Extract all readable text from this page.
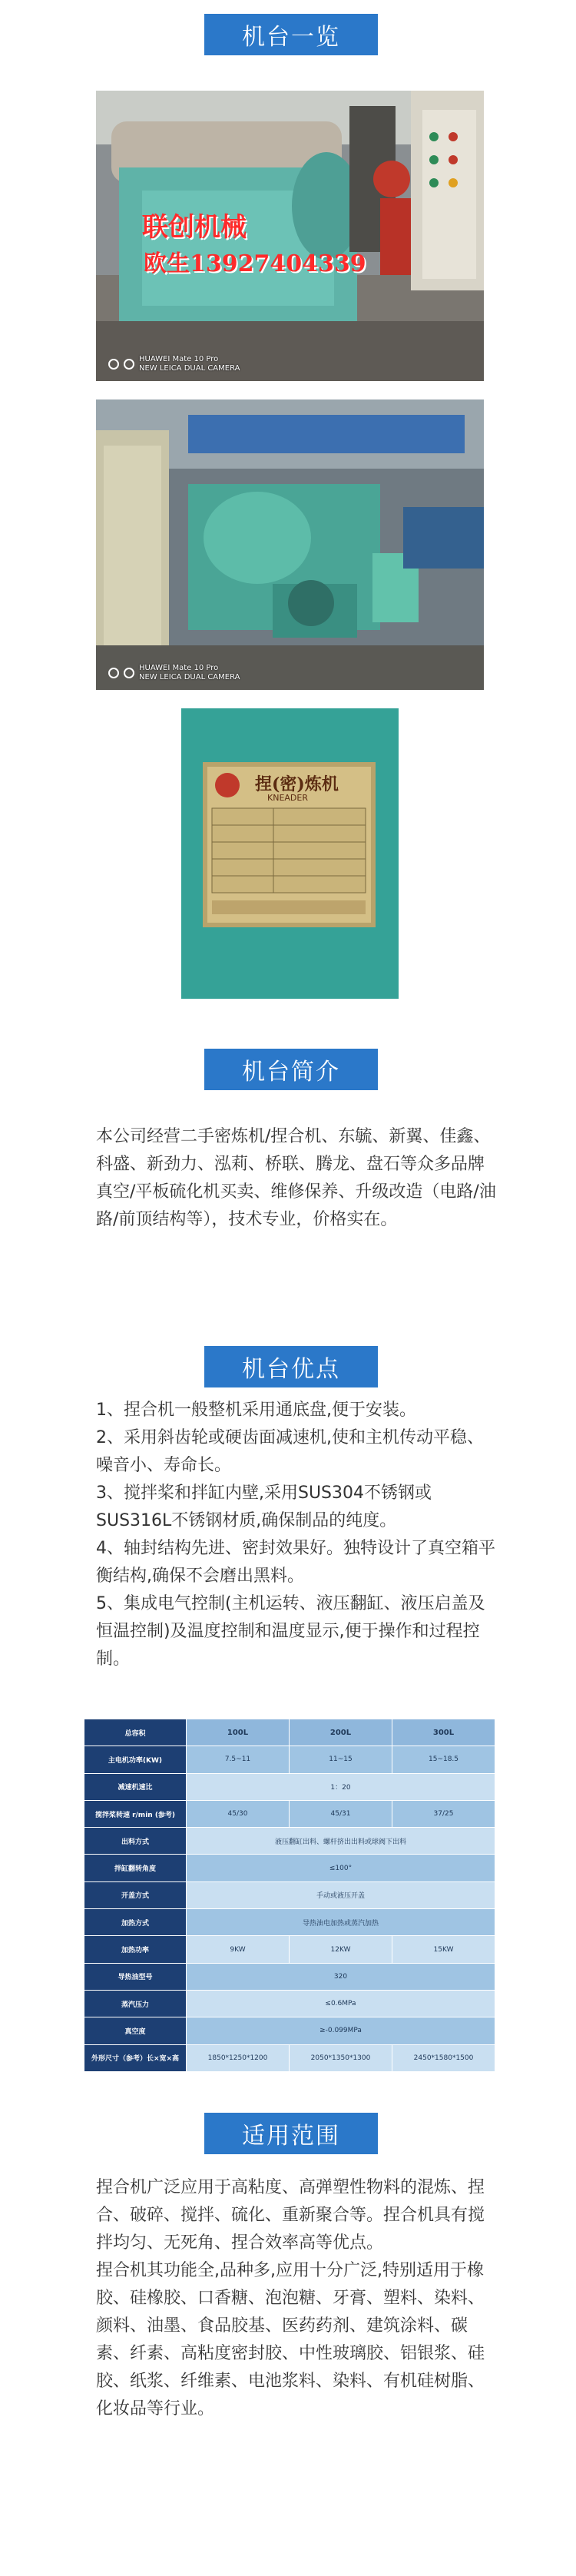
机台一览
联创机械
欧生13927404339
HUAWEI Mate 10 Pro
NEW LEICA DUAL CAMERA
HUAWEI Mate 10 Pro
NEW LEICA DUAL CAMERA
捏(密)炼机
KNEADER
机台简介
本公司经营二手密炼机/捏合机、东毓、新翼、佳鑫、科盛、新劲力、泓莉、桥联、腾龙、盘石等众多品牌真空/平板硫化机买卖、维修保养、升级改造（电路/油路/前顶结构等），技术专业，价格实在。
机台优点
1、捏合机一般整机采用通底盘,便于安装。
2、采用斜齿轮或硬齿面减速机,使和主机传动平稳、噪音小、寿命长。
3、搅拌桨和拌缸内壁,采用SUS304不锈钢或SUS316L不锈钢材质,确保制品的纯度。
4、轴封结构先进、密封效果好。独特设计了真空箱平衡结构,确保不会磨出黑料。
5、集成电气控制(主机运转、液压翻缸、液压启盖及恒温控制)及温度控制和温度显示,便于操作和过程控制。
总容积	100L	200L	300L
主电机功率(KW)	7.5~11	11~15	15~18.5
减速机速比	1：20		
搅拌桨转速 r/min (参考)	45/30	45/31	37/25
出料方式	液压翻缸出料、螺杆挤出出料或球阀下出料		
拌缸翻转角度	≤100°		
开盖方式	手动或液压开盖		
加热方式	导热油电加热或蒸汽加热		
加热功率	9KW	12KW	15KW
导热油型号	320		
蒸汽压力	≤0.6MPa		
真空度	≥-0.099MPa		
外形尺寸（参考）长×宽×高	1850*1250*1200	2050*1350*1300	2450*1580*1500
适用范围
捏合机广泛应用于高粘度、高弹塑性物料的混炼、捏合、破碎、搅拌、硫化、重新聚合等。捏合机具有搅拌均匀、无死角、捏合效率高等优点。
捏合机其功能全,品种多,应用十分广泛,特别适用于橡胶、硅橡胶、口香糖、泡泡糖、牙膏、塑料、染料、颜料、油墨、食品胶基、医药药剂、建筑涂料、碳素、纤素、高粘度密封胶、中性玻璃胶、铝银浆、硅胶、纸浆、纤维素、电池浆料、染料、有机硅树脂、化妆品等行业。
